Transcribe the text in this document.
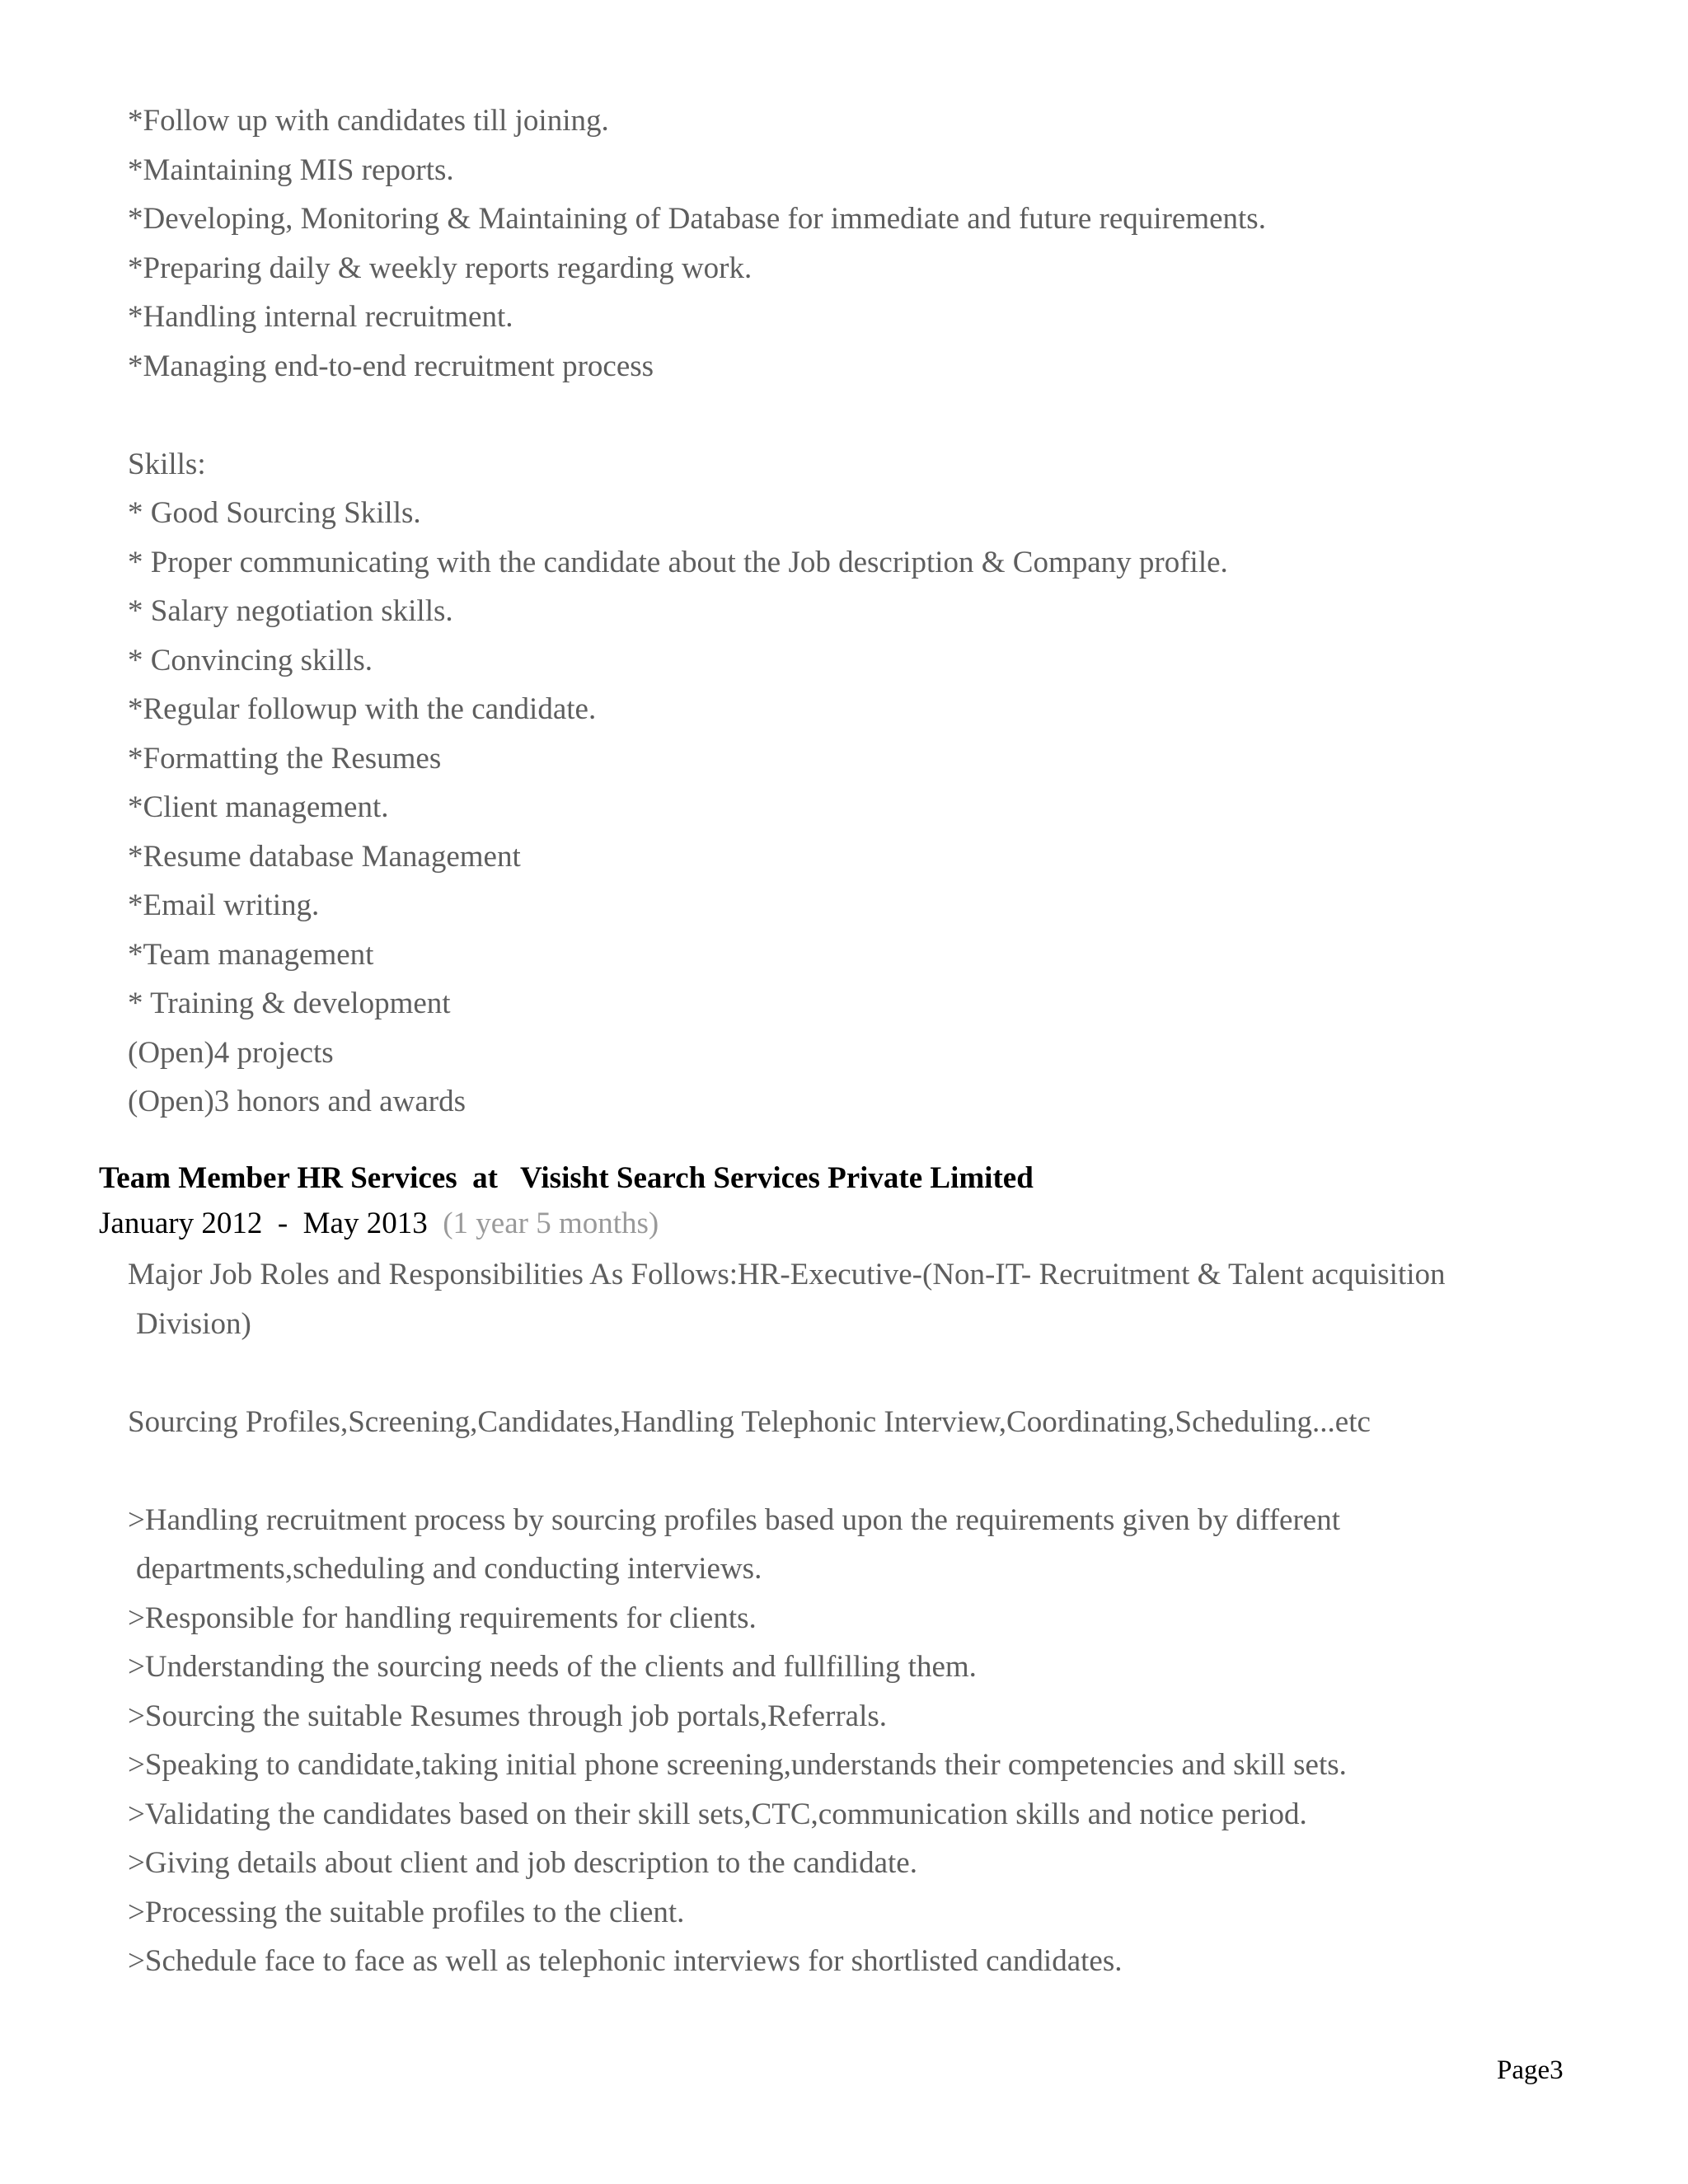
*Follow up with candidates till joining.
*Maintaining MIS reports.
*Developing, Monitoring & Maintaining of Database for immediate and future requirements.
*Preparing daily & weekly reports regarding work.
*Handling internal recruitment.
*Managing end-to-end recruitment process
Skills:
* Good Sourcing Skills.
* Proper communicating with the candidate about the Job description & Company profile.
* Salary negotiation skills.
* Convincing skills.
*Regular followup with the candidate.
*Formatting the Resumes
*Client management.
*Resume database Management
*Email writing.
*Team management
* Training & development
(Open)4 projects
(Open)3 honors and awards
Team Member HR Services  at   Visisht Search Services Private Limited
January 2012  -  May 2013  (1 year 5 months)
Major Job Roles and Responsibilities As Follows:HR-Executive-(Non-IT- Recruitment & Talent acquisition
Division)
Sourcing Profiles,Screening,Candidates,Handling Telephonic Interview,Coordinating,Scheduling...etc
>Handling recruitment process by sourcing profiles based upon the requirements given by different
departments,scheduling and conducting interviews.
>Responsible for handling requirements for clients.
>Understanding the sourcing needs of the clients and fullfilling them.
>Sourcing the suitable Resumes through job portals,Referrals.
>Speaking to candidate,taking initial phone screening,understands their competencies and skill sets.
>Validating the candidates based on their skill sets,CTC,communication skills and notice period.
>Giving details about client and job description to the candidate.
>Processing the suitable profiles to the client.
>Schedule face to face as well as telephonic interviews for shortlisted candidates.
Page3
